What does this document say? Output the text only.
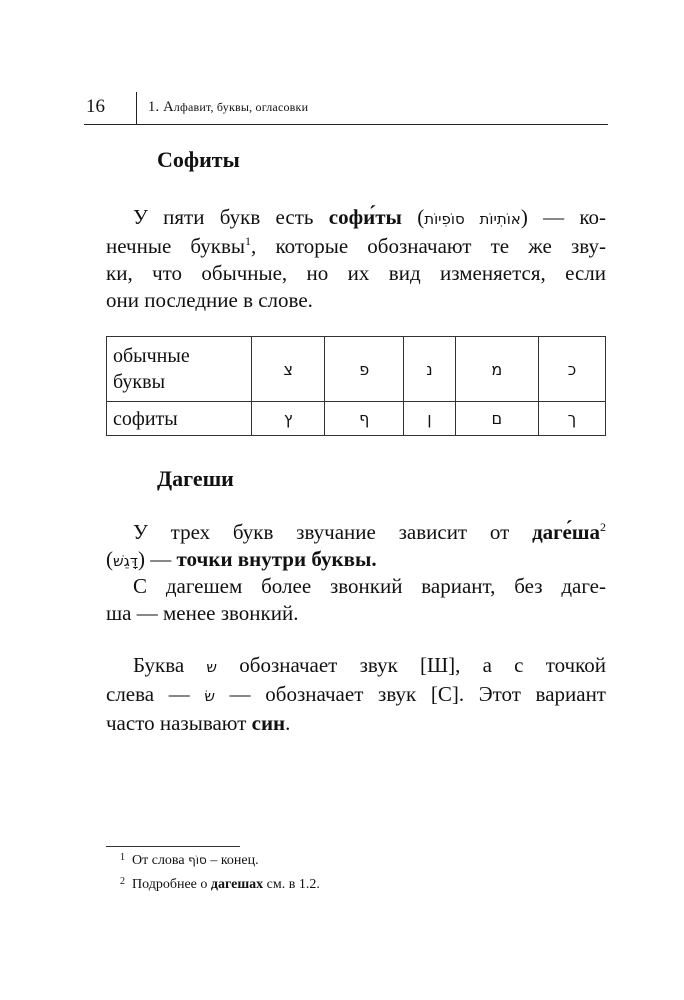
16	1. Алфавит, буквы, огласовки
Софиты
У пяти букв есть софи́ты (אוֹתִיוֹת סוֹפִיוֹת) — ко-
нечные буквы$^1$, которые обозначают те же зву-
ки, что обычные, но их вид изменяется, если
они последние в слове.
обычные
буквы	צ	פ	נ	מ	כ
софиты	ץ	ף	ן	ם	ך
Дагеши
У трех букв звучание зависит от $даге́ша^2$
(דָּגֵשׁ) — точки внутри буквы.
С дагешем более звонкий вариант, без даге-
ша — менее звонкий.
Буква ש обозначает звук [Ш], а с точкой
слева — שׂ — обозначает звук [С]. Этот вариант
часто называют син.
1 От слова סוֹף – конец.
2 Подробнее о дагешах см. в 1.2.
